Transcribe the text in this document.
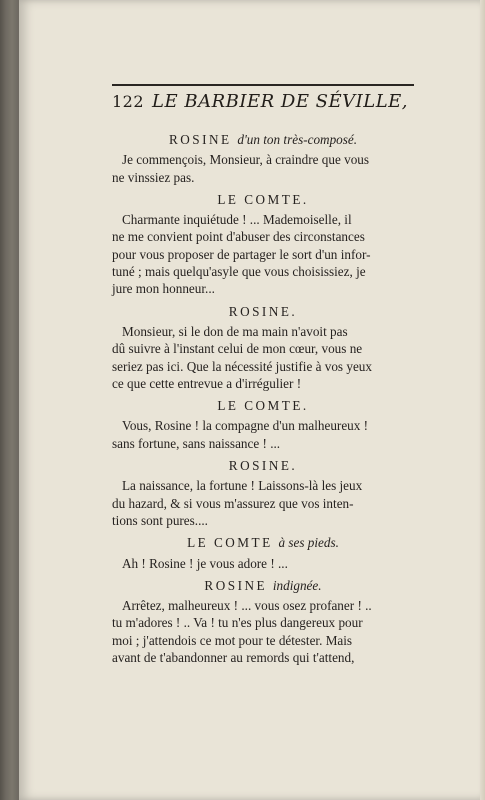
122 LE BARBIER DE SÉVILLE,
ROSINE d'un ton très-composé.
Je commençois, Monsieur, à craindre que vous
ne vinssiez pas.
LE COMTE.
Charmante inquiétude ! ... Mademoiselle, il
ne me convient point d'abuser des circonstances
pour vous proposer de partager le sort d'un infor-
tuné ; mais quelqu'asyle que vous choisissiez, je
jure mon honneur...
ROSINE.
Monsieur, si le don de ma main n'avoit pas
dû suivre à l'instant celui de mon cœur, vous ne
seriez pas ici. Que la nécessité justifie à vos yeux
ce que cette entrevue a d'irrégulier !
LE COMTE.
Vous, Rosine ! la compagne d'un malheureux !
sans fortune, sans naissance ! ...
ROSINE.
La naissance, la fortune ! Laissons-là les jeux
du hazard, & si vous m'assurez que vos inten-
tions sont pures....
LE COMTE à ses pieds.
Ah ! Rosine ! je vous adore ! ...
ROSINE indignée.
Arrêtez, malheureux ! ... vous osez profaner ! ..
tu m'adores ! .. Va ! tu n'es plus dangereux pour
moi ; j'attendois ce mot pour te détester. Mais
avant de t'abandonner au remords qui t'attend,
